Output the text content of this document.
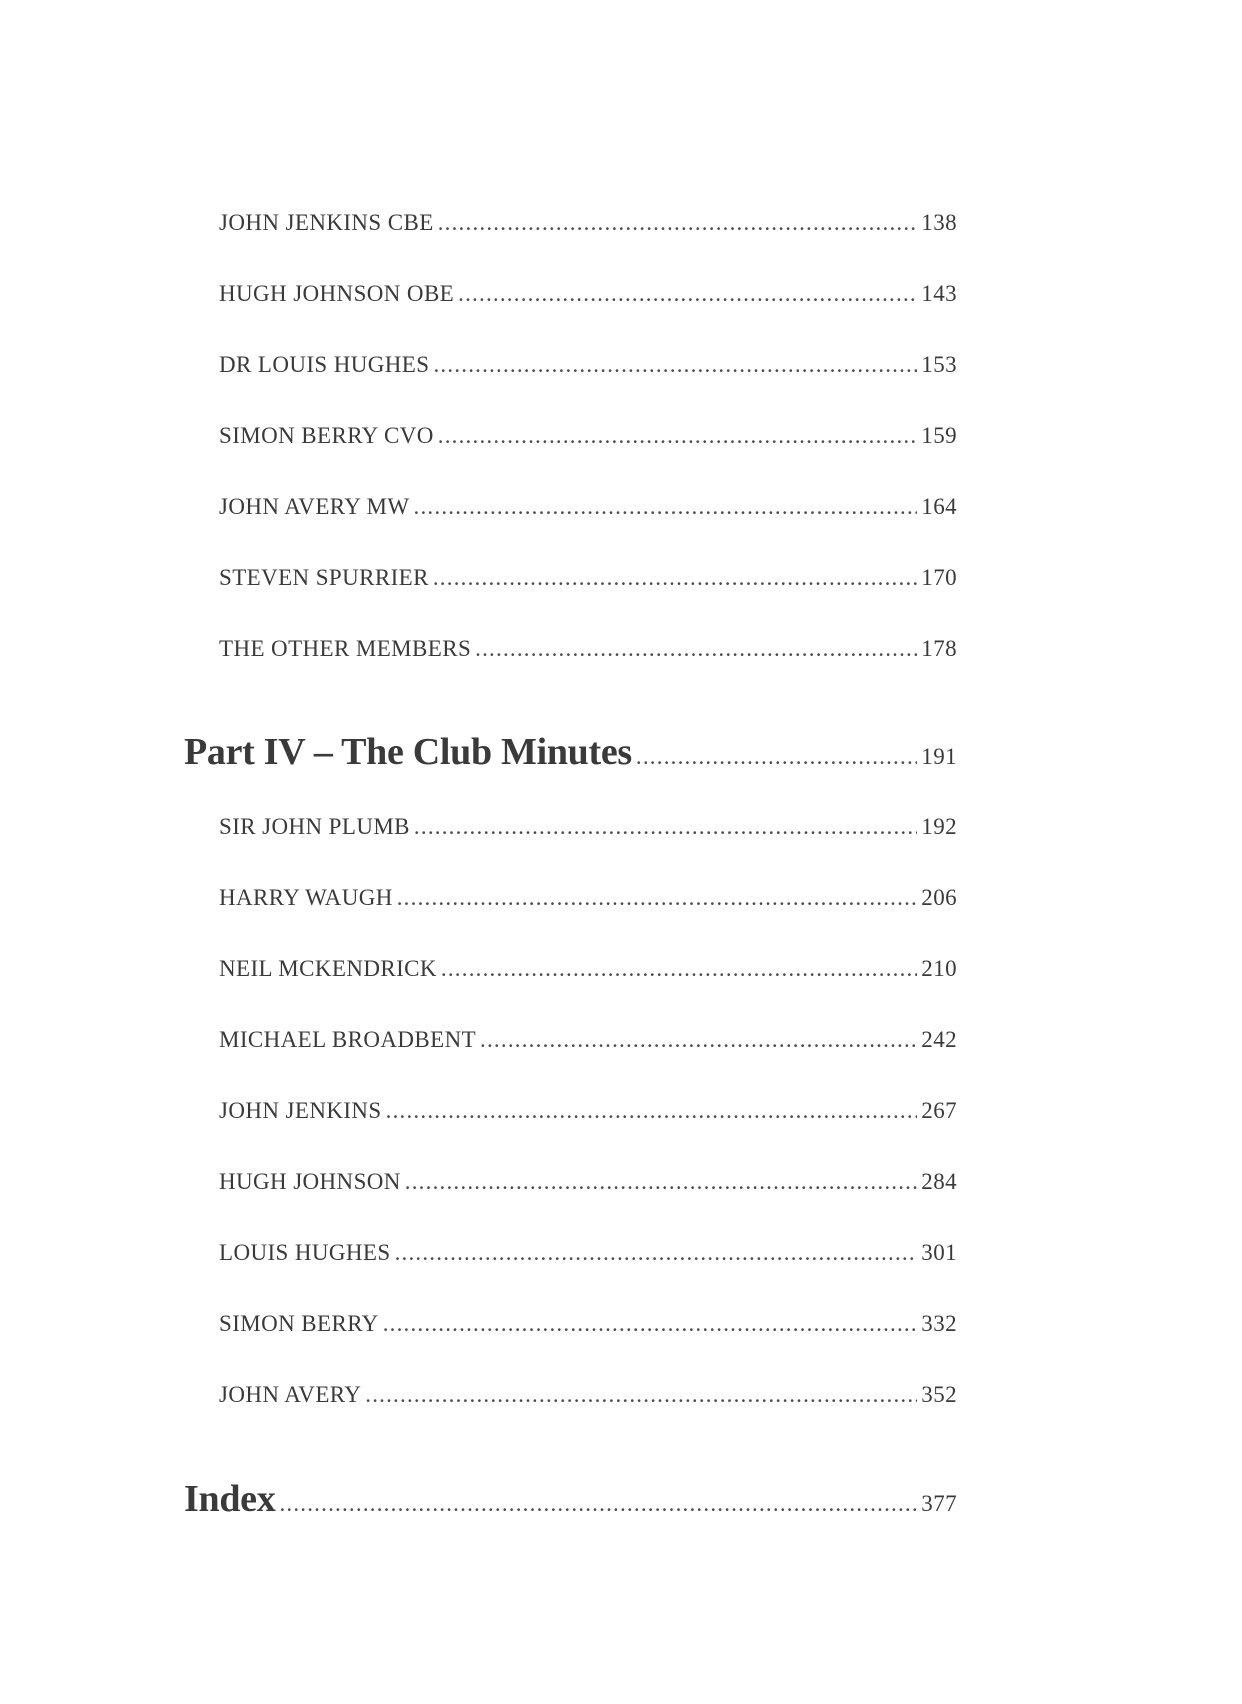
JOHN JENKINS CBE .....	138
HUGH JOHNSON OBE .....	143
DR LOUIS HUGHES .....	153
SIMON BERRY CVO .....	159
JOHN AVERY MW .....	164
STEVEN SPURRIER .....	170
THE OTHER MEMBERS .....	178
Part IV – The Club Minutes .....	191
SIR JOHN PLUMB .....	192
HARRY WAUGH .....	206
NEIL MCKENDRICK .....	210
MICHAEL BROADBENT .....	242
JOHN JENKINS .....	267
HUGH JOHNSON .....	284
LOUIS HUGHES .....	301
SIMON BERRY .....	332
JOHN AVERY .....	352
Index .....	377
